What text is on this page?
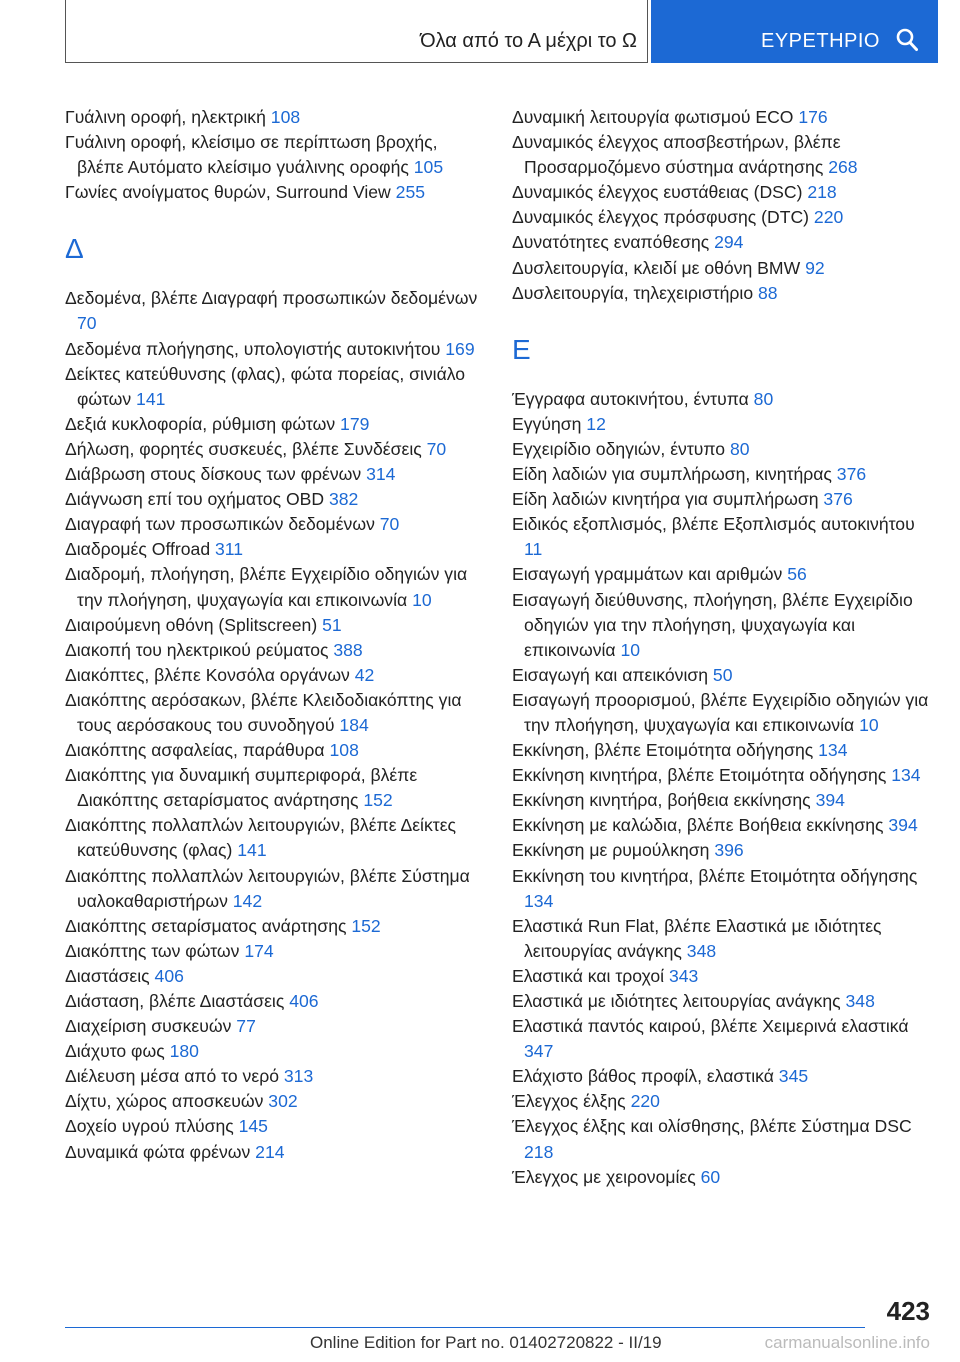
Όλα από το Α μέχρι το Ω	ΕΥΡΕΤΗΡΙΟ

Γυάλινη οροφή, ηλεκτρική 108

Γυάλινη οροφή, κλείσιμο σε περίπτωση βροχής, βλέπε Αυτόματο κλείσιμο γυάλινης οροφής 105

Γωνίες ανοίγματος θυρών, Surround View 255

Δ

Δεδομένα, βλέπε Διαγραφή προσωπικών δεδομένων 70

Δεδομένα πλοήγησης, υπολογιστής αυτοκινήτου 169

Δείκτες κατεύθυνσης (φλας), φώτα πορείας, σινιάλο φώτων 141

Δεξιά κυκλοφορία, ρύθμιση φώτων 179

Δήλωση, φορητές συσκευές, βλέπε Συνδέσεις 70

Διάβρωση στους δίσκους των φρένων 314

Διάγνωση επί του οχήματος OBD 382

Διαγραφή των προσωπικών δεδομένων 70

Διαδρομές Offroad 311

Διαδρομή, πλοήγηση, βλέπε Εγχειρίδιο οδηγιών για την πλοήγηση, ψυχαγωγία και επικοινωνία 10

Διαιρούμενη οθόνη (Splitscreen) 51

Διακοπή του ηλεκτρικού ρεύματος 388

Διακόπτες, βλέπε Κονσόλα οργάνων 42

Διακόπτης αερόσακων, βλέπε Κλειδοδιακόπτης για τους αερόσακους του συνοδηγού 184

Διακόπτης ασφαλείας, παράθυρα 108

Διακόπτης για δυναμική συμπεριφορά, βλέπε Διακόπτης σεταρίσματος ανάρτησης 152

Διακόπτης πολλαπλών λειτουργιών, βλέπε Δείκτες κατεύθυνσης (φλας) 141

Διακόπτης πολλαπλών λειτουργιών, βλέπε Σύστημα υαλοκαθαριστήρων 142

Διακόπτης σεταρίσματος ανάρτησης 152

Διακόπτης των φώτων 174

Διαστάσεις 406

Διάσταση, βλέπε Διαστάσεις 406

Διαχείριση συσκευών 77

Διάχυτο φως 180

Διέλευση μέσα από το νερό 313

Δίχτυ, χώρος αποσκευών 302

Δοχείο υγρού πλύσης 145

Δυναμικά φώτα φρένων 214

Δυναμική λειτουργία φωτισμού ECO 176

Δυναμικός έλεγχος αποσβεστήρων, βλέπε Προσαρμοζόμενο σύστημα ανάρτησης 268

Δυναμικός έλεγχος ευστάθειας (DSC) 218

Δυναμικός έλεγχος πρόσφυσης (DTC) 220

Δυνατότητες εναπόθεσης 294

Δυσλειτουργία, κλειδί με οθόνη BMW 92

Δυσλειτουργία, τηλεχειριστήριο 88

Ε

Έγγραφα αυτοκινήτου, έντυπα 80

Εγγύηση 12

Εγχειρίδιο οδηγιών, έντυπο 80

Είδη λαδιών για συμπλήρωση, κινητήρας 376

Είδη λαδιών κινητήρα για συμπλήρωση 376

Ειδικός εξοπλισμός, βλέπε Εξοπλισμός αυτοκινήτου 11

Εισαγωγή γραμμάτων και αριθμών 56

Εισαγωγή διεύθυνσης, πλοήγηση, βλέπε Εγχειρίδιο οδηγιών για την πλοήγηση, ψυχαγωγία και επικοινωνία 10

Εισαγωγή και απεικόνιση 50

Εισαγωγή προορισμού, βλέπε Εγχειρίδιο οδηγιών για την πλοήγηση, ψυχαγωγία και επικοινωνία 10

Εκκίνηση, βλέπε Ετοιμότητα οδήγησης 134

Εκκίνηση κινητήρα, βλέπε Ετοιμότητα οδήγησης 134

Εκκίνηση κινητήρα, βοήθεια εκκίνησης 394

Εκκίνηση με καλώδια, βλέπε Βοήθεια εκκίνησης 394

Εκκίνηση με ρυμούλκηση 396

Εκκίνηση του κινητήρα, βλέπε Ετοιμότητα οδήγησης 134

Ελαστικά Run Flat, βλέπε Ελαστικά με ιδιότητες λειτουργίας ανάγκης 348

Ελαστικά και τροχοί 343

Ελαστικά με ιδιότητες λειτουργίας ανάγκης 348

Ελαστικά παντός καιρού, βλέπε Χειμερινά ελαστικά 347

Ελάχιστο βάθος προφίλ, ελαστικά 345

Έλεγχος έλξης 220

Έλεγχος έλξης και ολίσθησης, βλέπε Σύστημα DSC 218

Έλεγχος με χειρονομίες 60

423
Online Edition for Part no. 01402720822 - II/19	carmanualsonline.info
